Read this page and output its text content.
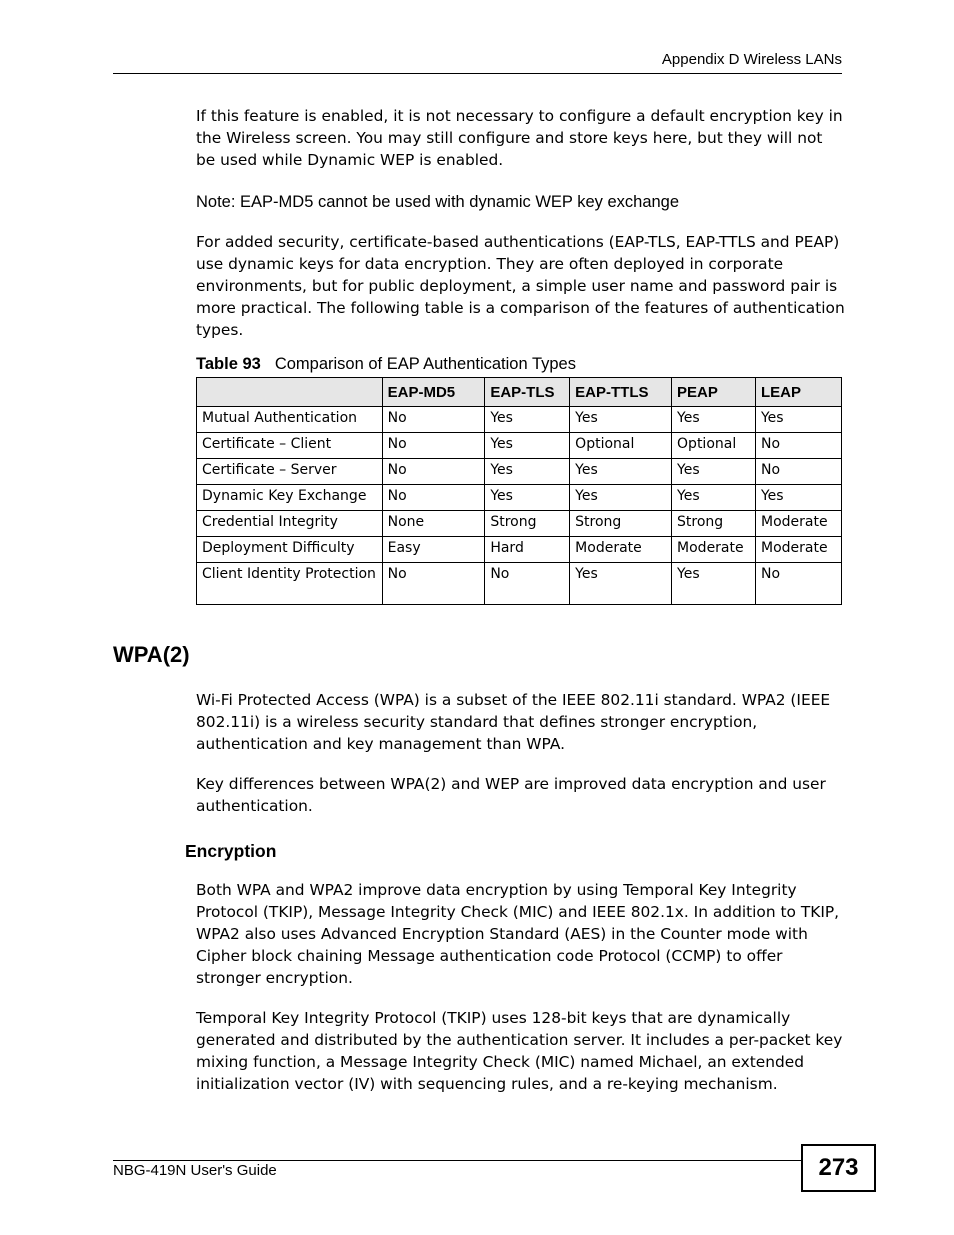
Appendix D Wireless LANs

If this feature is enabled, it is not necessary to configure a default encryption key in the Wireless screen. You may still configure and store keys here, but they will not be used while Dynamic WEP is enabled.

Note: EAP-MD5 cannot be used with dynamic WEP key exchange

For added security, certificate-based authentications (EAP-TLS, EAP-TTLS and PEAP) use dynamic keys for data encryption. They are often deployed in corporate environments, but for public deployment, a simple user name and password pair is more practical. The following table is a comparison of the features of authentication types.

Table 93 Comparison of EAP Authentication Types
	EAP-MD5	EAP-TLS	EAP-TTLS	PEAP	LEAP

Mutual Authentication	No	Yes	Yes	Yes	Yes

Certificate – Client	No	Yes	Optional	Optional	No

Certificate – Server	No	Yes	Yes	Yes	No

Dynamic Key Exchange	No	Yes	Yes	Yes	Yes

Credential Integrity	None	Strong	Strong	Strong	Moderate

Deployment Difficulty	Easy	Hard	Moderate	Moderate	Moderate

Client Identity Protection	No	No	Yes	Yes	No
WPA(2)

Wi-Fi Protected Access (WPA) is a subset of the IEEE 802.11i standard. WPA2 (IEEE 802.11i) is a wireless security standard that defines stronger encryption, authentication and key management than WPA.

Key differences between WPA(2) and WEP are improved data encryption and user authentication.

Encryption

Both WPA and WPA2 improve data encryption by using Temporal Key Integrity Protocol (TKIP), Message Integrity Check (MIC) and IEEE 802.1x. In addition to TKIP, WPA2 also uses Advanced Encryption Standard (AES) in the Counter mode with Cipher block chaining Message authentication code Protocol (CCMP) to offer stronger encryption.

Temporal Key Integrity Protocol (TKIP) uses 128-bit keys that are dynamically generated and distributed by the authentication server. It includes a per-packet key mixing function, a Message Integrity Check (MIC) named Michael, an extended initialization vector (IV) with sequencing rules, and a re-keying mechanism.

NBG-419N User's Guide	273
